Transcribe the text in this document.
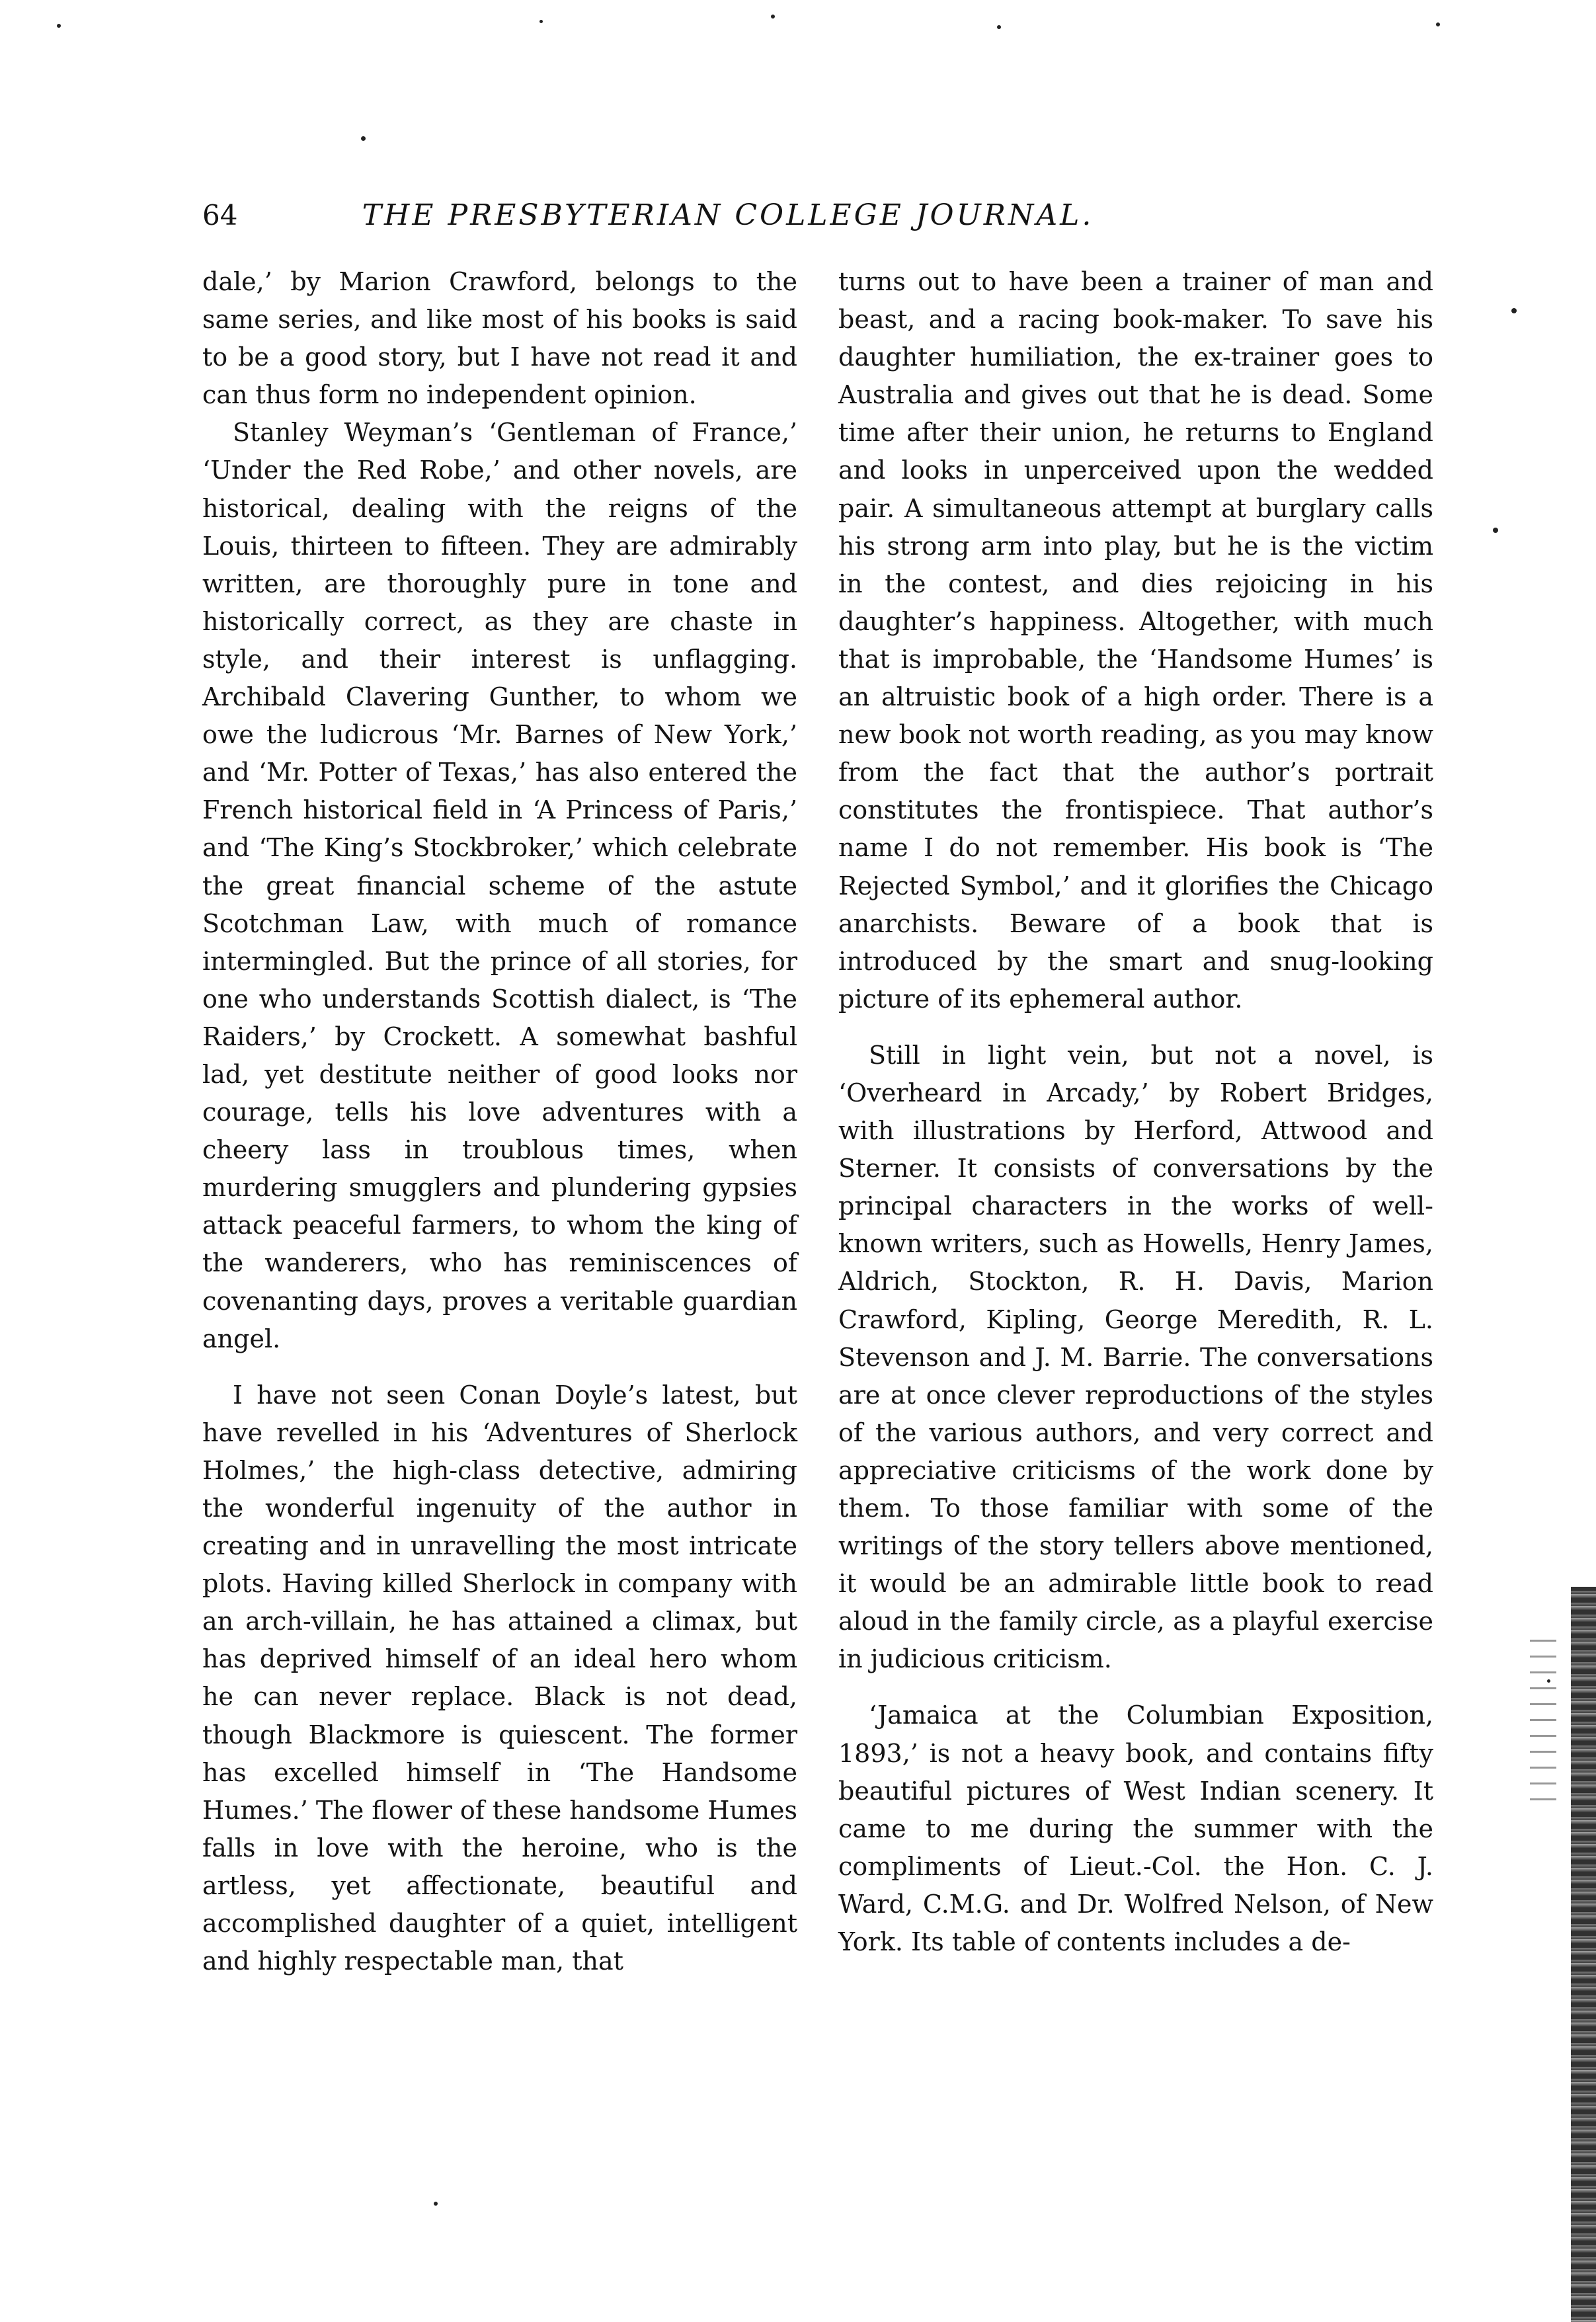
64	THE PRESBYTERIAN COLLEGE JOURNAL.

dale,’ by Marion Crawford, belongs to the same series, and like most of his books is said to be a good story, but I have not read it and can thus form no independent opinion.

Stanley Weyman’s ‘Gentleman of France,’ ‘Under the Red Robe,’ and other novels, are historical, dealing with the reigns of the Louis, thirteen to fifteen. They are admirably written, are thoroughly pure in tone and historically correct, as they are chaste in style, and their interest is unflagging. Archibald Clavering Gunther, to whom we owe the ludicrous ‘Mr. Barnes of New York,’ and ‘Mr. Potter of Texas,’ has also entered the French historical field in ‘A Princess of Paris,’ and ‘The King’s Stockbroker,’ which celebrate the great financial scheme of the astute Scotchman Law, with much of romance intermingled. But the prince of all stories, for one who understands Scottish dialect, is ‘The Raiders,’ by Crockett. A somewhat bashful lad, yet destitute neither of good looks nor courage, tells his love adventures with a cheery lass in troublous times, when murdering smugglers and plundering gypsies attack peaceful farmers, to whom the king of the wanderers, who has reminiscences of covenanting days, proves a veritable guardian angel.

I have not seen Conan Doyle’s latest, but have revelled in his ‘Adventures of Sherlock Holmes,’ the high-class detective, admiring the wonderful ingenuity of the author in creating and in unravelling the most intricate plots. Having killed Sherlock in company with an arch-villain, he has attained a climax, but has deprived himself of an ideal hero whom he can never replace. Black is not dead, though Blackmore is quiescent. The former has excelled himself in ‘The Handsome Humes.’ The flower of these handsome Humes falls in love with the heroine, who is the artless, yet affectionate, beautiful and accomplished daughter of a quiet, intelligent and highly respectable man, that

turns out to have been a trainer of man and beast, and a racing book-maker. To save his daughter humiliation, the ex-trainer goes to Australia and gives out that he is dead. Some time after their union, he returns to England and looks in unperceived upon the wedded pair. A simultaneous attempt at burglary calls his strong arm into play, but he is the victim in the contest, and dies rejoicing in his daughter’s happiness. Altogether, with much that is improbable, the ‘Handsome Humes’ is an altruistic book of a high order. There is a new book not worth reading, as you may know from the fact that the author’s portrait constitutes the frontispiece. That author’s name I do not remember. His book is ‘The Rejected Symbol,’ and it glorifies the Chicago anarchists. Beware of a book that is introduced by the smart and snug-looking picture of its ephemeral author.

Still in light vein, but not a novel, is ‘Overheard in Arcady,’ by Robert Bridges, with illustrations by Herford, Attwood and Sterner. It consists of conversations by the principal characters in the works of well-known writers, such as Howells, Henry James, Aldrich, Stockton, R. H. Davis, Marion Crawford, Kipling, George Meredith, R. L. Stevenson and J. M. Barrie. The conversations are at once clever reproductions of the styles of the various authors, and very correct and appreciative criticisms of the work done by them. To those familiar with some of the writings of the story tellers above mentioned, it would be an admirable little book to read aloud in the family circle, as a playful exercise in judicious criticism.

‘Jamaica at the Columbian Exposition, 1893,’ is not a heavy book, and contains fifty beautiful pictures of West Indian scenery. It came to me during the summer with the compliments of Lieut.-Col. the Hon. C. J. Ward, C.M.G. and Dr. Wolfred Nelson, of New York. Its table of contents includes a de-
